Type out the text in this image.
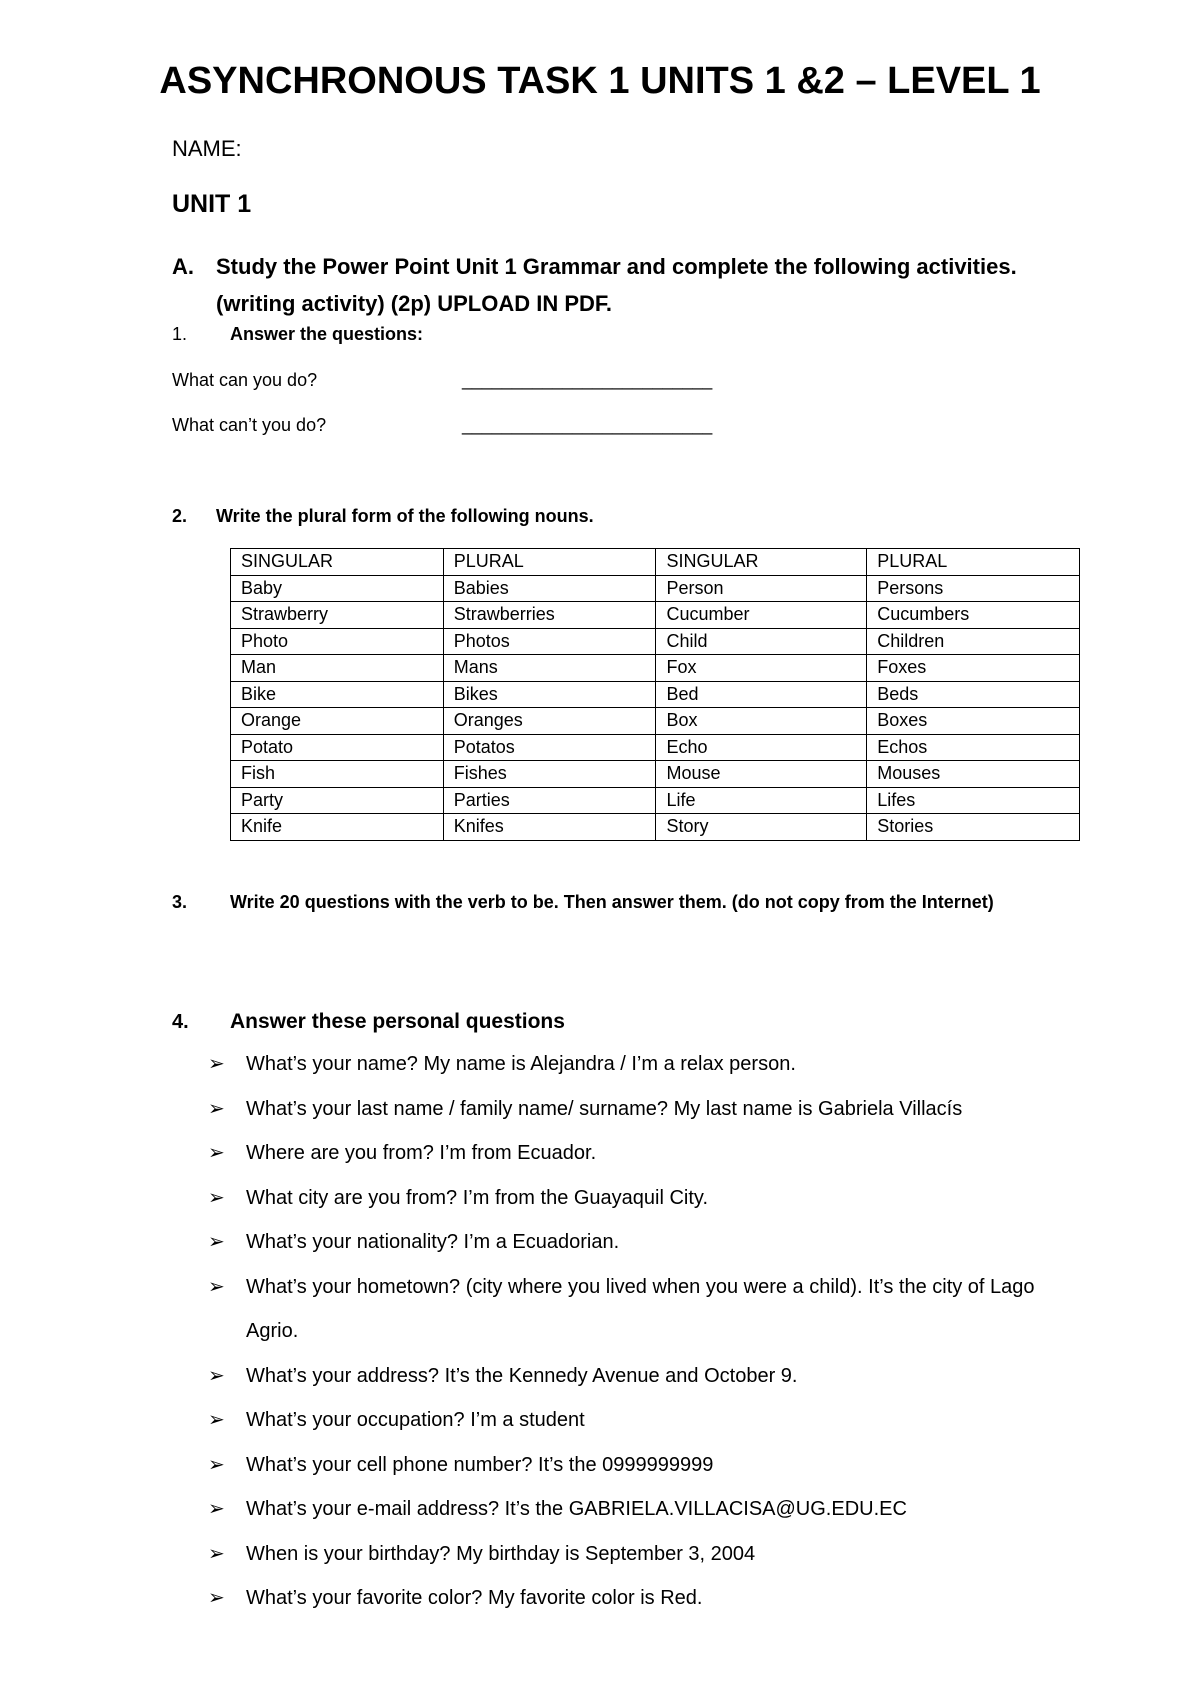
ASYNCHRONOUS TASK 1 UNITS 1 &2 – LEVEL 1
NAME:
UNIT 1
A. Study the Power Point Unit 1 Grammar and complete the following activities. (writing activity) (2p) UPLOAD IN PDF.
1. Answer the questions:
What can you do?	_________________________
What can’t you do?	_________________________
2. Write the plural form of the following nouns.
SINGULAR	PLURAL	SINGULAR	PLURAL
Baby	Babies	Person	Persons
Strawberry	Strawberries	Cucumber	Cucumbers
Photo	Photos	Child	Children
Man	Mans	Fox	Foxes
Bike	Bikes	Bed	Beds
Orange	Oranges	Box	Boxes
Potato	Potatos	Echo	Echos
Fish	Fishes	Mouse	Mouses
Party	Parties	Life	Lifes
Knife	Knifes	Story	Stories
3. Write 20 questions with the verb to be. Then answer them. (do not copy from the Internet)
4. Answer these personal questions
➢ What’s your name? My name is Alejandra / I’m a relax person.
➢ What’s your last name / family name/ surname? My last name is Gabriela Villacís
➢ Where are you from? I’m from Ecuador.
➢ What city are you from? I’m from the Guayaquil City.
➢ What’s your nationality? I’m a Ecuadorian.
➢ What’s your hometown? (city where you lived when you were a child). It’s the city of Lago Agrio.
➢ What’s your address? It’s the Kennedy Avenue and October 9.
➢ What’s your occupation? I’m a student
➢ What’s your cell phone number? It’s the 0999999999
➢ What’s your e-mail address? It’s the GABRIELA.VILLACISA@UG.EDU.EC
➢ When is your birthday? My birthday is September 3, 2004
➢ What’s your favorite color? My favorite color is Red.
